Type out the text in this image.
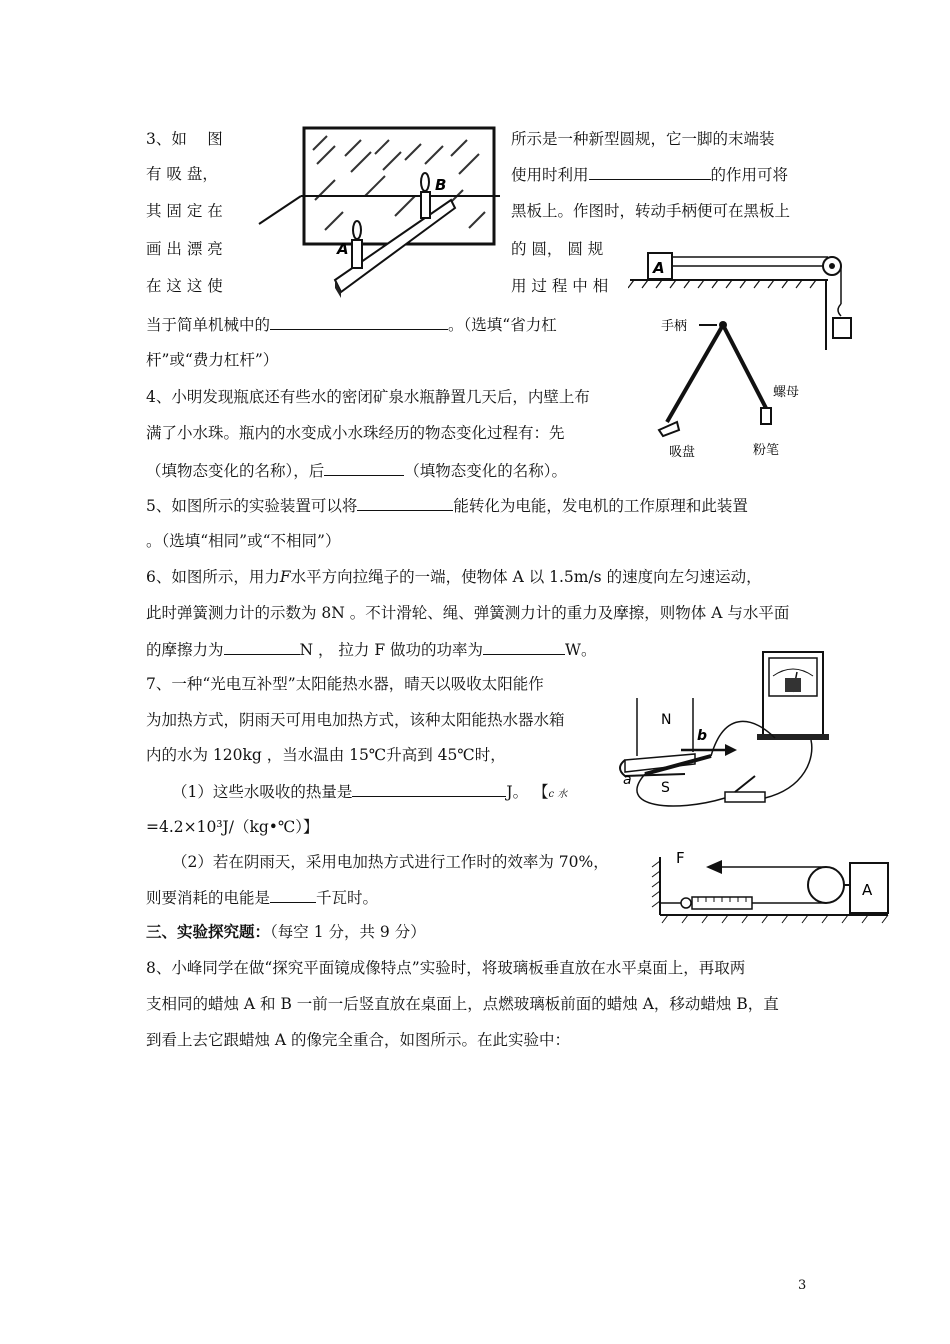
3、如　 图	所示是一种新型圆规，它一脚的末端装
有 吸 盘，	使用时利用	的作用可将
其 固 定 在	黑板上。作图时，转动手柄便可在黑板上
画 出 漂 亮	的 圆， 圆 规
在 这 这 使	用 过 程 中 相
当于简单机械中的	。（选填“省力杠
杆”或“费力杠杆”）
4、小明发现瓶底还有些水的密闭矿泉水瓶静置几天后，内壁上布
满了小水珠。瓶内的水变成小水珠经历的物态变化过程有：先
（填物态变化的名称），后	（填物态变化的名称）。
5、如图所示的实验装置可以将	能转化为电能，发电机的工作原理和此装置
。（选填“相同”或“不相同”）
6、如图所示，用力F水平方向拉绳子的一端，使物体 A 以 1.5m/s 的速度向左匀速运动，
此时弹簧测力计的示数为 8N 。不计滑轮、绳、弹簧测力计的重力及摩擦，则物体 A 与水平面
的摩擦力为	N ， 拉力 F 做功的功率为	W。
7、一种“光电互补型”太阳能热水器，晴天以吸收太阳能作
为加热方式，阴雨天可用电加热方式，该种太阳能热水器水箱
内的水为 120kg ，当水温由 15℃升高到 45℃时，
（1）这些水吸收的热量是	J。 【c 水
=4.2×10³J/（kg•℃）】
（2）若在阴雨天，采用电加热方式进行工作时的效率为 70%，
则要消耗的电能是	千瓦时。
三、实验探究题：（每空 1 分，共 9 分）
8、小峰同学在做“探究平面镜成像特点”实验时，将玻璃板垂直放在水平桌面上，再取两
支相同的蜡烛 A 和 B 一前一后竖直放在桌面上，点燃玻璃板前面的蜡烛 A，移动蜡烛 B，直
到看上去它跟蜡烛 A 的像完全重合，如图所示。在此实验中：
A
B
A
手柄
螺母
吸盘	粉笔
N
b
a S
F
A
3
